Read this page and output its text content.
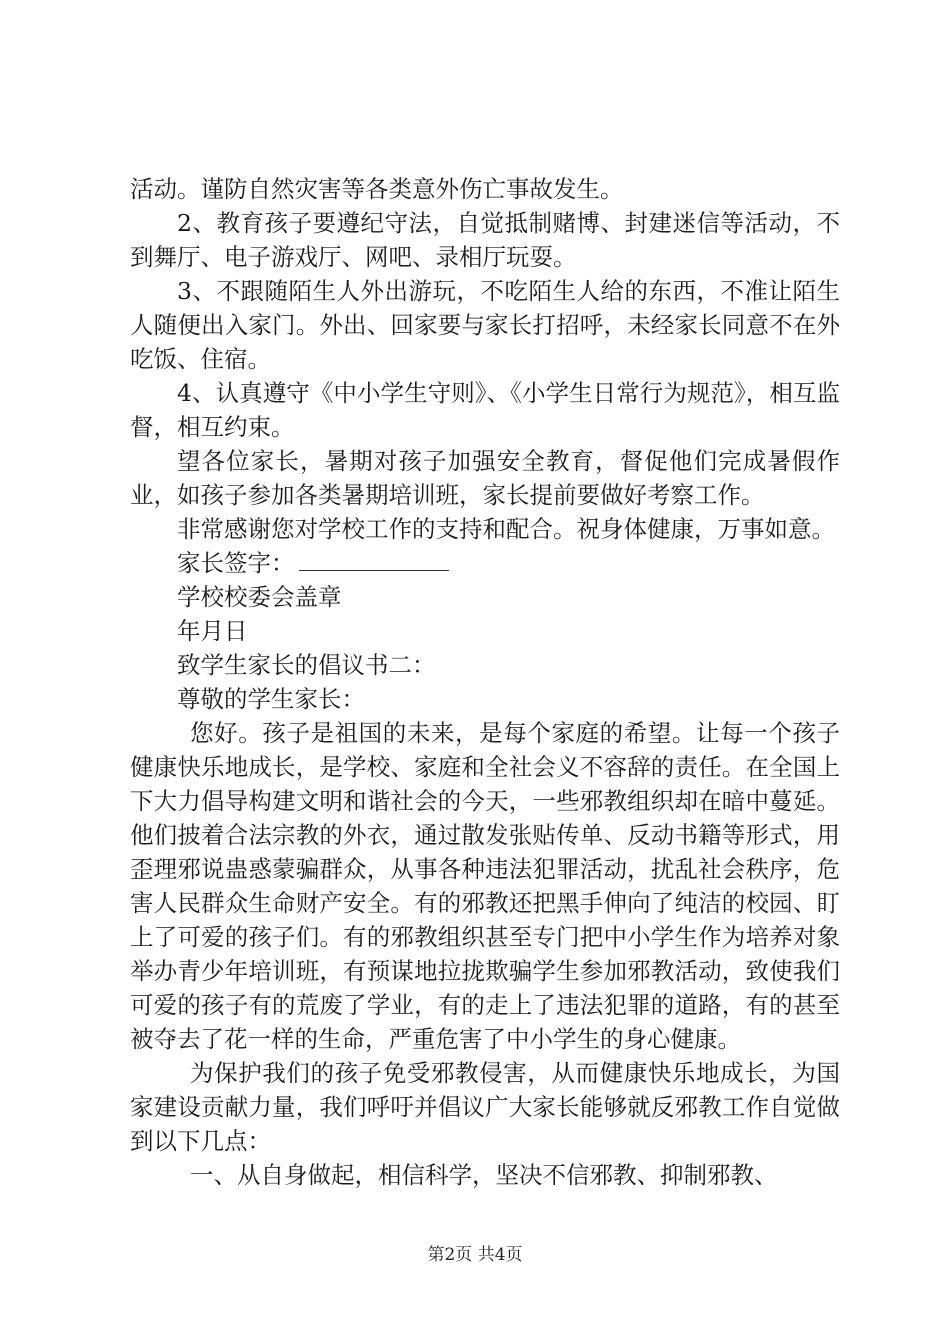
活动。谨防自然灾害等各类意外伤亡事故发生。

2、教育孩子要遵纪守法，自觉抵制赌博、封建迷信等活动，不到舞厅、电子游戏厅、网吧、录相厅玩耍。

3、不跟随陌生人外出游玩，不吃陌生人给的东西，不准让陌生人随便出入家门。外出、回家要与家长打招呼，未经家长同意不在外吃饭、住宿。

4、认真遵守《中小学生守则》、《小学生日常行为规范》，相互监督，相互约束。

望各位家长，暑期对孩子加强安全教育，督促他们完成暑假作业，如孩子参加各类暑期培训班，家长提前要做好考察工作。

非常感谢您对学校工作的支持和配合。祝身体健康，万事如意。

家长签字：

学校校委会盖章

年月日

致学生家长的倡议书二：

尊敬的学生家长：

您好。孩子是祖国的未来，是每个家庭的希望。让每一个孩子健康快乐地成长，是学校、家庭和全社会义不容辞的责任。在全国上下大力倡导构建文明和谐社会的今天，一些邪教组织却在暗中蔓延。他们披着合法宗教的外衣，通过散发张贴传单、反动书籍等形式，用歪理邪说蛊惑蒙骗群众，从事各种违法犯罪活动，扰乱社会秩序，危害人民群众生命财产安全。有的邪教还把黑手伸向了纯洁的校园、盯上了可爱的孩子们。有的邪教组织甚至专门把中小学生作为培养对象举办青少年培训班，有预谋地拉拢欺骗学生参加邪教活动，致使我们可爱的孩子有的荒废了学业，有的走上了违法犯罪的道路，有的甚至被夺去了花一样的生命，严重危害了中小学生的身心健康。

为保护我们的孩子免受邪教侵害，从而健康快乐地成长，为国家建设贡献力量，我们呼吁并倡议广大家长能够就反邪教工作自觉做到以下几点：

一、从自身做起，相信科学，坚决不信邪教、抑制邪教、

第2页 共4页
